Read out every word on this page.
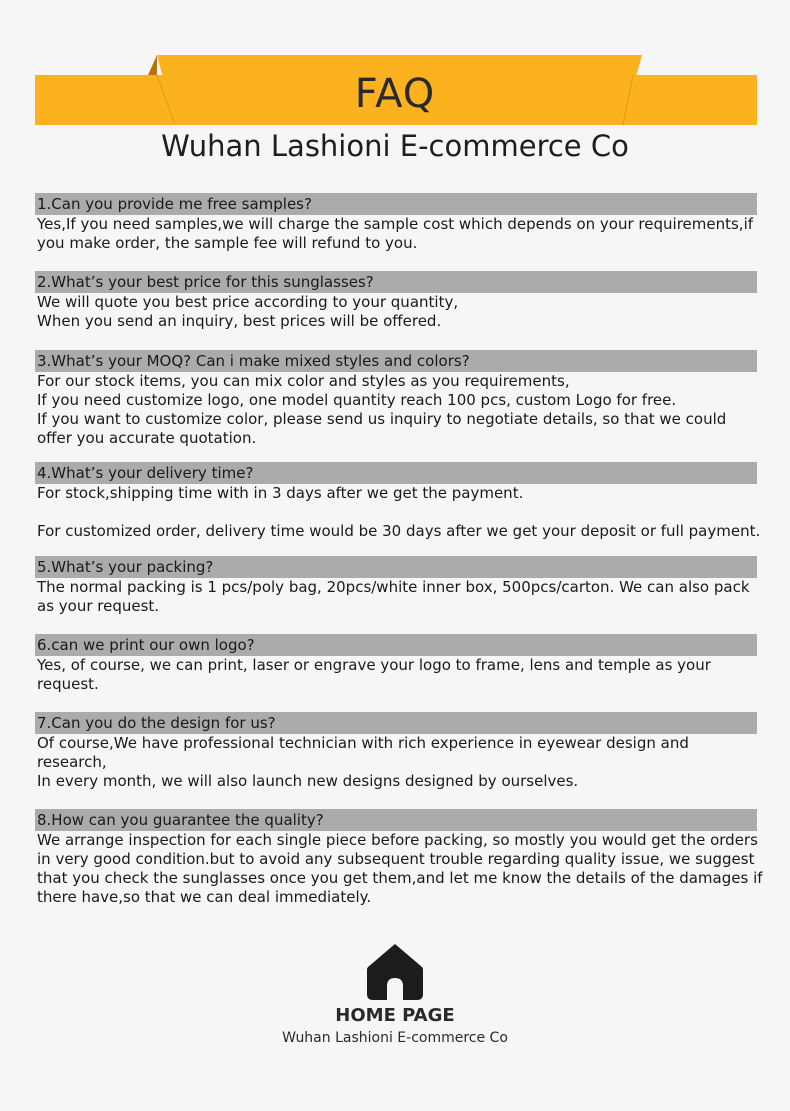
FAQ
Wuhan Lashioni E-commerce Co
1.Can you provide me free samples?
Yes,If you need samples,we will charge the sample cost which depends on your requirements,if
you make order, the sample fee will refund to you.
2.What’s your best price for this sunglasses?
We will quote you best price according to your quantity,
When you send an inquiry, best prices will be offered.
3.What’s your MOQ? Can i make mixed styles and colors?
For our stock items, you can mix color and styles as you requirements,
If you need customize logo, one model quantity reach 100 pcs, custom Logo for free.
If you want to customize color, please send us inquiry to negotiate details, so that we could
offer you accurate quotation.
4.What’s your delivery time?
For stock,shipping time with in 3 days after we get the payment.
For customized order, delivery time would be 30 days after we get your deposit or full payment.
5.What’s your packing?
The normal packing is 1 pcs/poly bag, 20pcs/white inner box, 500pcs/carton. We can also pack
as your request.
6.can we print our own logo?
Yes, of course, we can print, laser or engrave your logo to frame, lens and temple as your
request.
7.Can you do the design for us?
Of course,We have professional technician with rich experience in eyewear design and
research,
In every month, we will also launch new designs designed by ourselves.
8.How can you guarantee the quality?
We arrange inspection for each single piece before packing, so mostly you would get the orders
in very good condition.but to avoid any subsequent trouble regarding quality issue, we suggest
that you check the sunglasses once you get them,and let me know the details of the damages if
there have,so that we can deal immediately.
HOME PAGE
Wuhan Lashioni E-commerce Co
